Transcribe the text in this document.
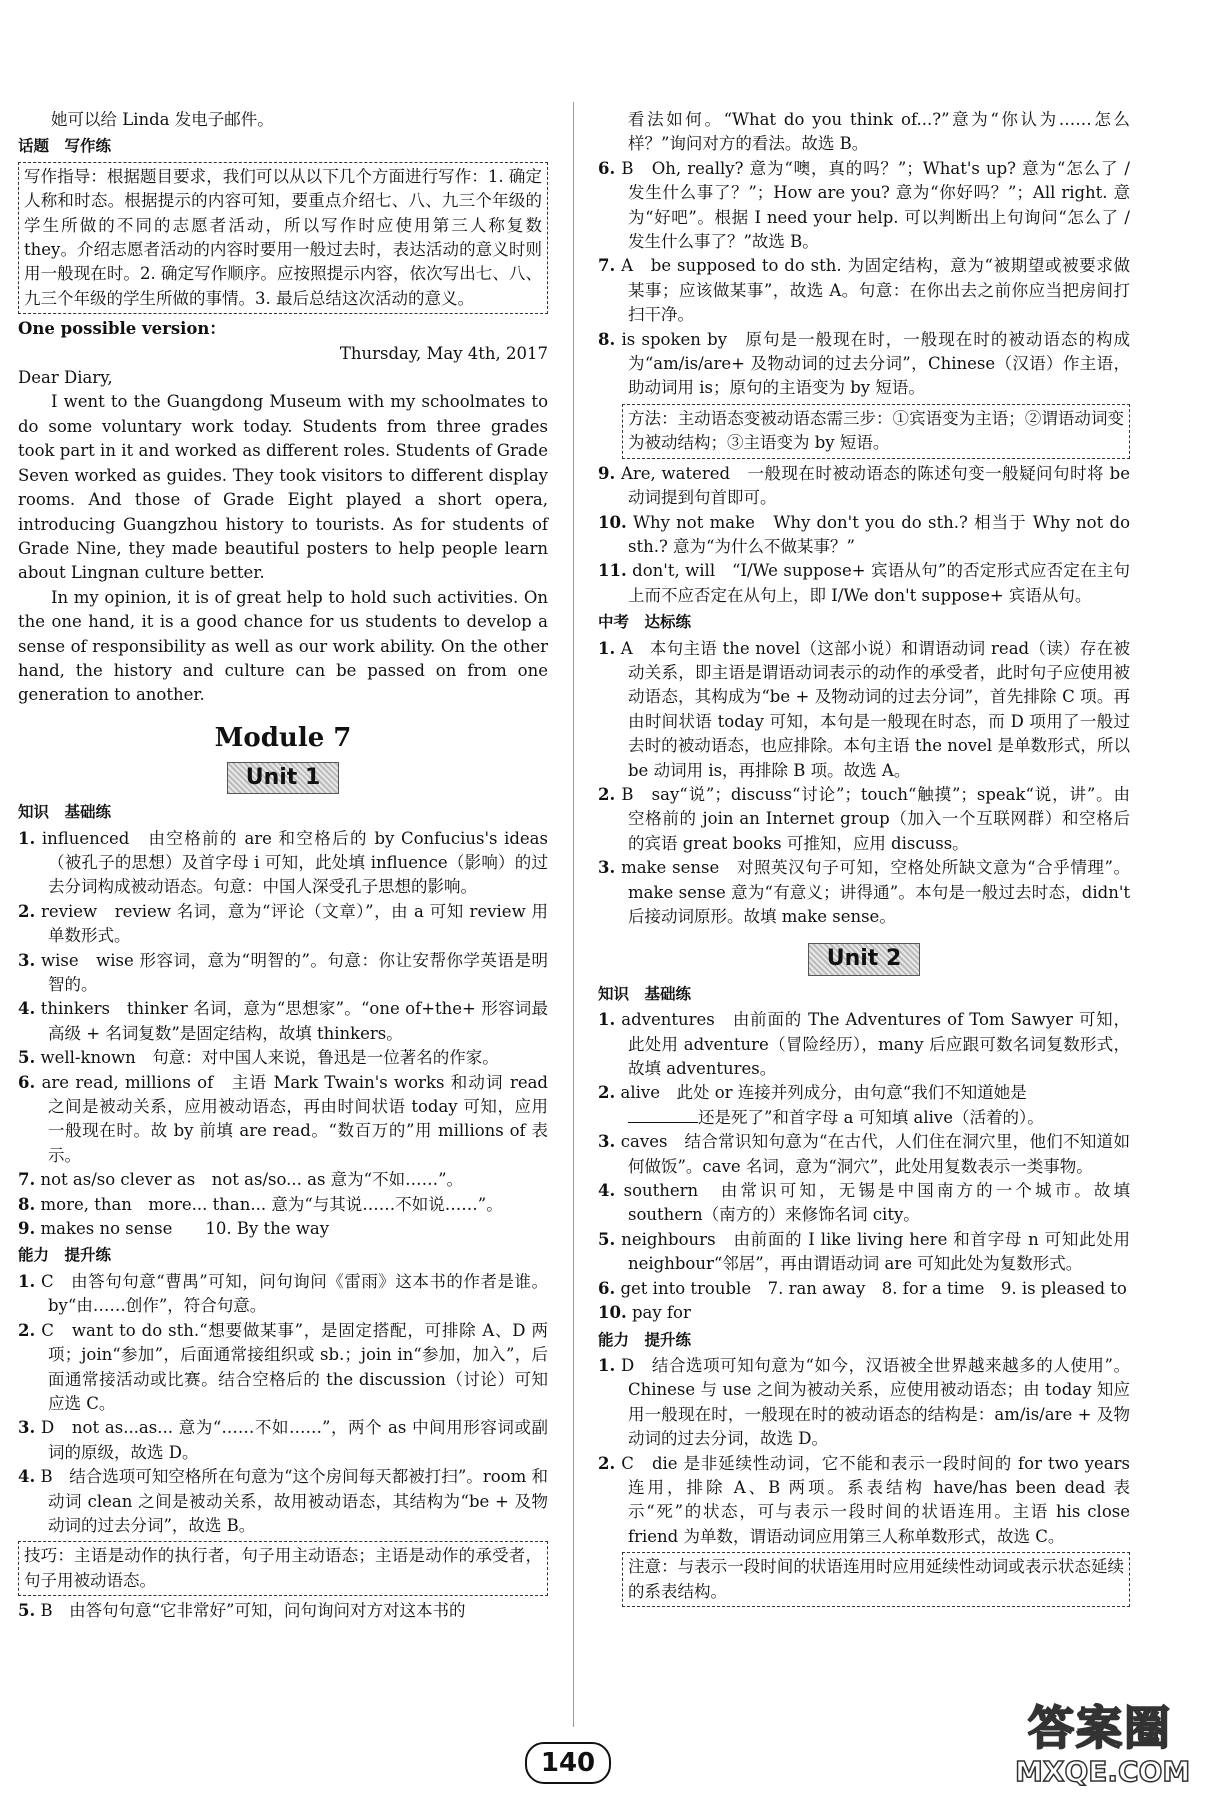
她可以给 Linda 发电子邮件。

话题　写作练

写作指导：根据题目要求，我们可以从以下几个方面进行写作：1. 确定人称和时态。根据提示的内容可知，要重点介绍七、八、九三个年级的学生所做的不同的志愿者活动，所以写作时应使用第三人称复数 they。介绍志愿者活动的内容时要用一般过去时，表达活动的意义时则用一般现在时。2. 确定写作顺序。应按照提示内容，依次写出七、八、九三个年级的学生所做的事情。3. 最后总结这次活动的意义。

One possible version：

Thursday, May 4th, 2017

Dear Diary,

I went to the Guangdong Museum with my schoolmates to do some voluntary work today. Students from three grades took part in it and worked as different roles. Students of Grade Seven worked as guides. They took visitors to different display rooms. And those of Grade Eight played a short opera, introducing Guangzhou history to tourists. As for students of Grade Nine, they made beautiful posters to help people learn about Lingnan culture better.

In my opinion, it is of great help to hold such activities. On the one hand, it is a good chance for us students to develop a sense of responsibility as well as our work ability. On the other hand, the history and culture can be passed on from one generation to another.

Module 7
Unit 1
知识　基础练

1. influenced　由空格前的 are 和空格后的 by Confucius's ideas（被孔子的思想）及首字母 i 可知，此处填 influence（影响）的过去分词构成被动语态。句意：中国人深受孔子思想的影响。

2. review　review 名词，意为“评论（文章）”，由 a 可知 review 用单数形式。

3. wise　wise 形容词，意为“明智的”。句意：你让安帮你学英语是明智的。

4. thinkers　thinker 名词，意为“思想家”。“one of+the+ 形容词最高级 + 名词复数”是固定结构，故填 thinkers。

5. well-known　句意：对中国人来说，鲁迅是一位著名的作家。

6. are read, millions of　主语 Mark Twain's works 和动词 read 之间是被动关系，应用被动语态，再由时间状语 today 可知，应用一般现在时。故 by 前填 are read。“数百万的”用 millions of 表示。

7. not as/so clever as　not as/so... as 意为“不如……”。

8. more, than　more... than... 意为“与其说……不如说……”。

9. makes no sense　　10. By the way

能力　提升练

1. C　由答句句意“曹禺”可知，问句询问《雷雨》这本书的作者是谁。by“由……创作”，符合句意。

2. C　want to do sth.“想要做某事”，是固定搭配，可排除 A、D 两项；join“参加”，后面通常接组织或 sb.；join in“参加，加入”，后面通常接活动或比赛。结合空格后的 the discussion（讨论）可知应选 C。

3. D　not as...as... 意为“……不如……”，两个 as 中间用形容词或副词的原级，故选 D。

4. B　结合选项可知空格所在句意为“这个房间每天都被打扫”。room 和动词 clean 之间是被动关系，故用被动语态，其结构为“be + 及物动词的过去分词”，故选 B。

技巧：主语是动作的执行者，句子用主动语态；主语是动作的承受者，句子用被动语态。

5. B　由答句句意“它非常好”可知，问句询问对方对这本书的

看法如何。“What do you think of...?”意为“你认为……怎么样？”询问对方的看法。故选 B。

6. B　Oh, really? 意为“噢，真的吗？”；What's up? 意为“怎么了 / 发生什么事了？”；How are you? 意为“你好吗？”；All right. 意为“好吧”。根据 I need your help. 可以判断出上句询问“怎么了 / 发生什么事了？”故选 B。

7. A　be supposed to do sth. 为固定结构，意为“被期望或被要求做某事；应该做某事”，故选 A。句意：在你出去之前你应当把房间打扫干净。

8. is spoken by　原句是一般现在时，一般现在时的被动语态的构成为“am/is/are+ 及物动词的过去分词”，Chinese（汉语）作主语，助动词用 is；原句的主语变为 by 短语。

方法：主动语态变被动语态需三步：①宾语变为主语；②谓语动词变为被动结构；③主语变为 by 短语。

9. Are, watered　一般现在时被动语态的陈述句变一般疑问句时将 be 动词提到句首即可。

10. Why not make　Why don't you do sth.? 相当于 Why not do sth.? 意为“为什么不做某事？”

11. don't, will　“I/We suppose+ 宾语从句”的否定形式应否定在主句上而不应否定在从句上，即 I/We don't suppose+ 宾语从句。

中考　达标练

1. A　本句主语 the novel（这部小说）和谓语动词 read（读）存在被动关系，即主语是谓语动词表示的动作的承受者，此时句子应使用被动语态，其构成为“be + 及物动词的过去分词”，首先排除 C 项。再由时间状语 today 可知，本句是一般现在时态，而 D 项用了一般过去时的被动语态，也应排除。本句主语 the novel 是单数形式，所以 be 动词用 is，再排除 B 项。故选 A。

2. B　say“说”；discuss“讨论”；touch“触摸”；speak“说，讲”。由空格前的 join an Internet group（加入一个互联网群）和空格后的宾语 great books 可推知，应用 discuss。

3. make sense　对照英汉句子可知，空格处所缺文意为“合乎情理”。make sense 意为“有意义；讲得通”。本句是一般过去时态，didn't 后接动词原形。故填 make sense。

Unit 2
知识　基础练

1. adventures　由前面的 The Adventures of Tom Sawyer 可知，此处用 adventure（冒险经历），many 后应跟可数名词复数形式，故填 adventures。

2. alive　此处 or 连接并列成分，由句意“我们不知道她是
还是死了”和首字母 a 可知填 alive（活着的）。

3. caves　结合常识知句意为“在古代，人们住在洞穴里，他们不知道如何做饭”。cave 名词，意为“洞穴”，此处用复数表示一类事物。

4. southern　由常识可知，无锡是中国南方的一个城市。故填 southern（南方的）来修饰名词 city。

5. neighbours　由前面的 I like living here 和首字母 n 可知此处用 neighbour“邻居”，再由谓语动词 are 可知此处为复数形式。

6. get into trouble　7. ran away　8. for a time　9. is pleased to

10. pay for

能力　提升练

1. D　结合选项可知句意为“如今，汉语被全世界越来越多的人使用”。Chinese 与 use 之间为被动关系，应使用被动语态；由 today 知应用一般现在时，一般现在时的被动语态的结构是：am/is/are + 及物动词的过去分词，故选 D。

2. C　die 是非延续性动词，它不能和表示一段时间的 for two years 连用，排除 A、B 两项。系表结构 have/has been dead 表示“死”的状态，可与表示一段时间的状语连用。主语 his close friend 为单数，谓语动词应用第三人称单数形式，故选 C。

注意：与表示一段时间的状语连用时应用延续性动词或表示状态延续的系表结构。

140
答案圈
MXQE.COM
